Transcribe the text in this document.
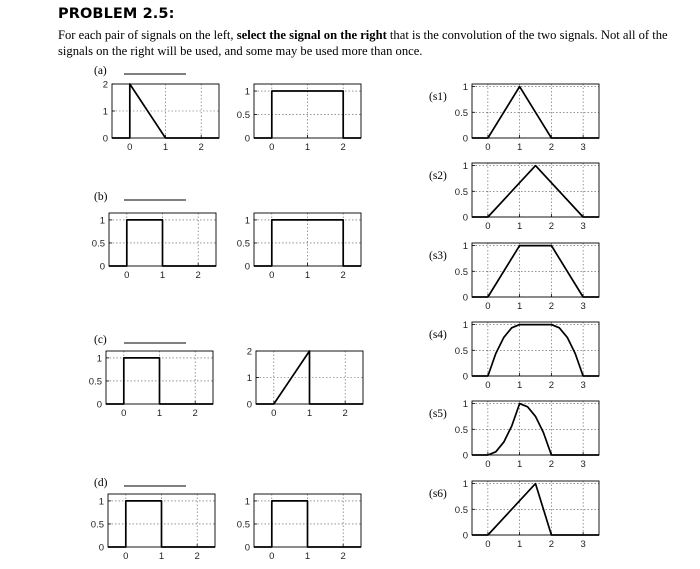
PROBLEM 2.5:
For each pair of signals on the left, select the signal on the right that is the convolution of the two signals. Not all of the signals on the right will be used, and some may be used more than once.
(a)
(b)
(c)
(d)
0	1	2
0
1
2
0	1	2
0
0.5
1
0	1	2
0
0.5
1
0	1	2
0
0.5
1
0	1	2
0
0.5
1
0	1	2
0
1
2
0	1	2
0
0.5
1
0	1	2
0
0.5
1
0	1	2	3
0
0.5
1
(s1)
0	1	2	3
0
0.5
1
(s2)
0	1	2	3
0
0.5
1
(s3)
0	1	2	3
0
0.5
1
(s4)
0	1	2	3
0
0.5
1
(s5)
0	1	2	3
0
0.5
1
(s6)
